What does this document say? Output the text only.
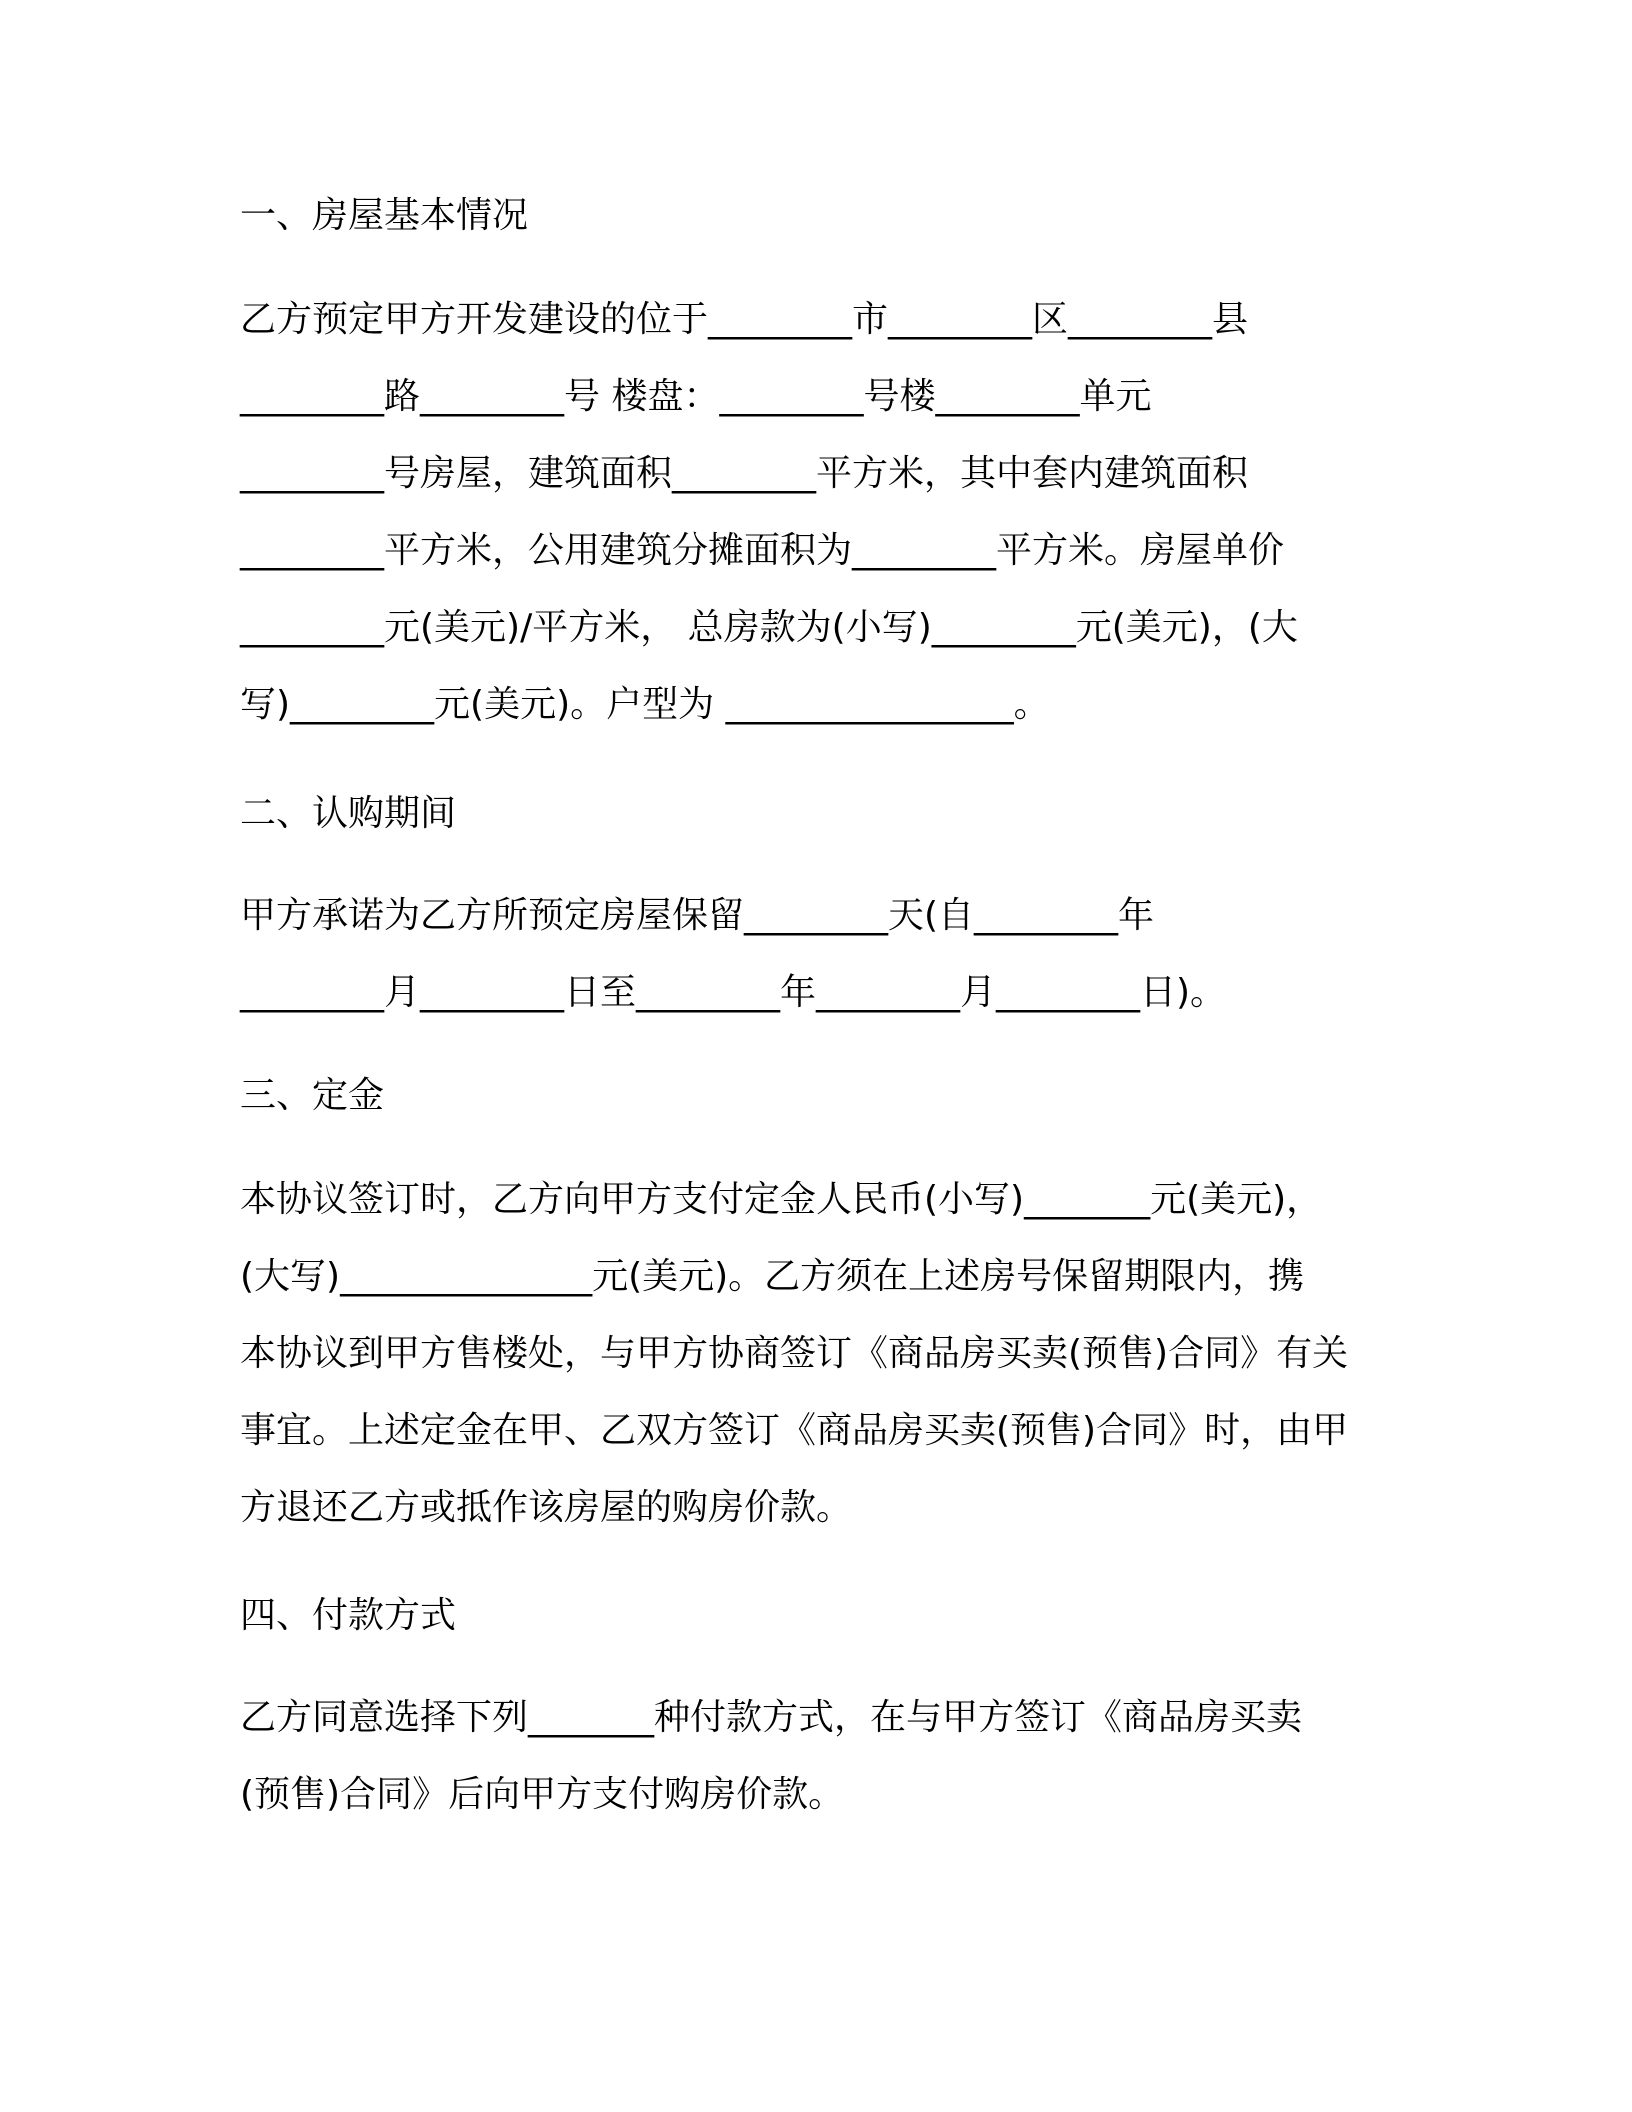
一、房屋基本情况
乙方预定甲方开发建设的位于________市________区________县
________路________号 楼盘：________号楼________单元
________号房屋，建筑面积________平方米，其中套内建筑面积
________平方米，公用建筑分摊面积为________平方米。房屋单价
________元(美元)/平方米， 总房款为(小写)________元(美元)，(大
写)________元(美元)。户型为 ________________。
二、认购期间
甲方承诺为乙方所预定房屋保留________天(自________年
________月________日至________年________月________日)。
三、定金
本协议签订时，乙方向甲方支付定金人民币(小写)_______元(美元)，
(大写)______________元(美元)。乙方须在上述房号保留期限内，携
本协议到甲方售楼处，与甲方协商签订《商品房买卖(预售)合同》有关
事宜。上述定金在甲、乙双方签订《商品房买卖(预售)合同》时，由甲
方退还乙方或抵作该房屋的购房价款。
四、付款方式
乙方同意选择下列_______种付款方式，在与甲方签订《商品房买卖
(预售)合同》后向甲方支付购房价款。
